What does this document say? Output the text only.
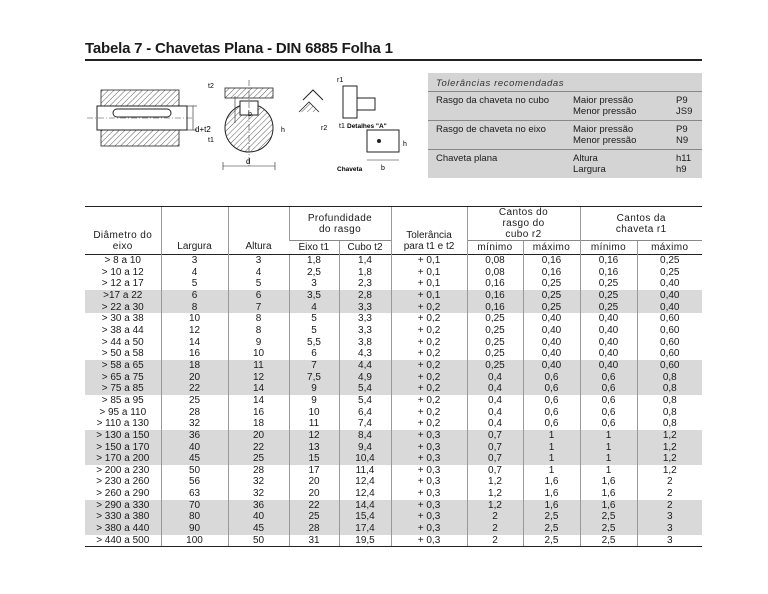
Tabela 7 - Chavetas Plana - DIN 6885 Folha 1
d+t2
t2
t1
b
d
h
r1
r2 t1 Detalhes "A"
Chaveta
h
b
Tolerâncias recomendadas
Rasgo da chaveta no cubo	Maior pressão	P9
Menor pressão	JS9
Rasgo de chaveta no eixo	Maior pressão	P9
Menor pressão	N9
Chaveta plana	Altura	h11
Largura	h9
Diâmetro do eixo	Largura	Altura	Profundidade do rasgo		Tolerância para t1 e t2	Cantos do rasgo do cubo r2		Cantos da chaveta r1	
			Eixo t1	Cubo t2		mínimo	máximo	mínimo	máximo
> 8 a 10	3	3	1,8	1,4	+ 0,1	0,08	0,16	0,16	0,25
> 10 a 12	4	4	2,5	1,8	+ 0,1	0,08	0,16	0,16	0,25
> 12 a 17	5	5	3	2,3	+ 0,1	0,16	0,25	0,25	0,40
>17 a 22	6	6	3,5	2,8	+ 0,1	0,16	0,25	0,25	0,40
> 22 a 30	8	7	4	3,3	+ 0,2	0,16	0,25	0,25	0,40
> 30 a 38	10	8	5	3,3	+ 0,2	0,25	0,40	0,40	0,60
> 38 a 44	12	8	5	3,3	+ 0,2	0,25	0,40	0,40	0,60
> 44 a 50	14	9	5,5	3,8	+ 0,2	0,25	0,40	0,40	0,60
> 50 a 58	16	10	6	4,3	+ 0,2	0,25	0,40	0,40	0,60
> 58 a 65	18	11	7	4,4	+ 0,2	0,25	0,40	0,40	0,60
> 65 a 75	20	12	7,5	4,9	+ 0,2	0,4	0,6	0,6	0,8
> 75 a 85	22	14	9	5,4	+ 0,2	0,4	0,6	0,6	0,8
> 85 a 95	25	14	9	5,4	+ 0,2	0,4	0,6	0,6	0,8
> 95 a 110	28	16	10	6,4	+ 0,2	0,4	0,6	0,6	0,8
> 110 a 130	32	18	11	7,4	+ 0,2	0,4	0,6	0,6	0,8
> 130 a 150	36	20	12	8,4	+ 0,3	0,7	1	1	1,2
> 150 a 170	40	22	13	9,4	+ 0,3	0,7	1	1	1,2
> 170 a 200	45	25	15	10,4	+ 0,3	0,7	1	1	1,2
> 200 a 230	50	28	17	11,4	+ 0,3	0,7	1	1	1,2
> 230 a 260	56	32	20	12,4	+ 0,3	1,2	1,6	1,6	2
> 260 a 290	63	32	20	12,4	+ 0,3	1,2	1,6	1,6	2
> 290 a 330	70	36	22	14,4	+ 0,3	1,2	1,6	1,6	2
> 330 a 380	80	40	25	15,4	+ 0,3	2	2,5	2,5	3
> 380 a 440	90	45	28	17,4	+ 0,3	2	2,5	2,5	3
> 440 a 500	100	50	31	19,5	+ 0,3	2	2,5	2,5	3
